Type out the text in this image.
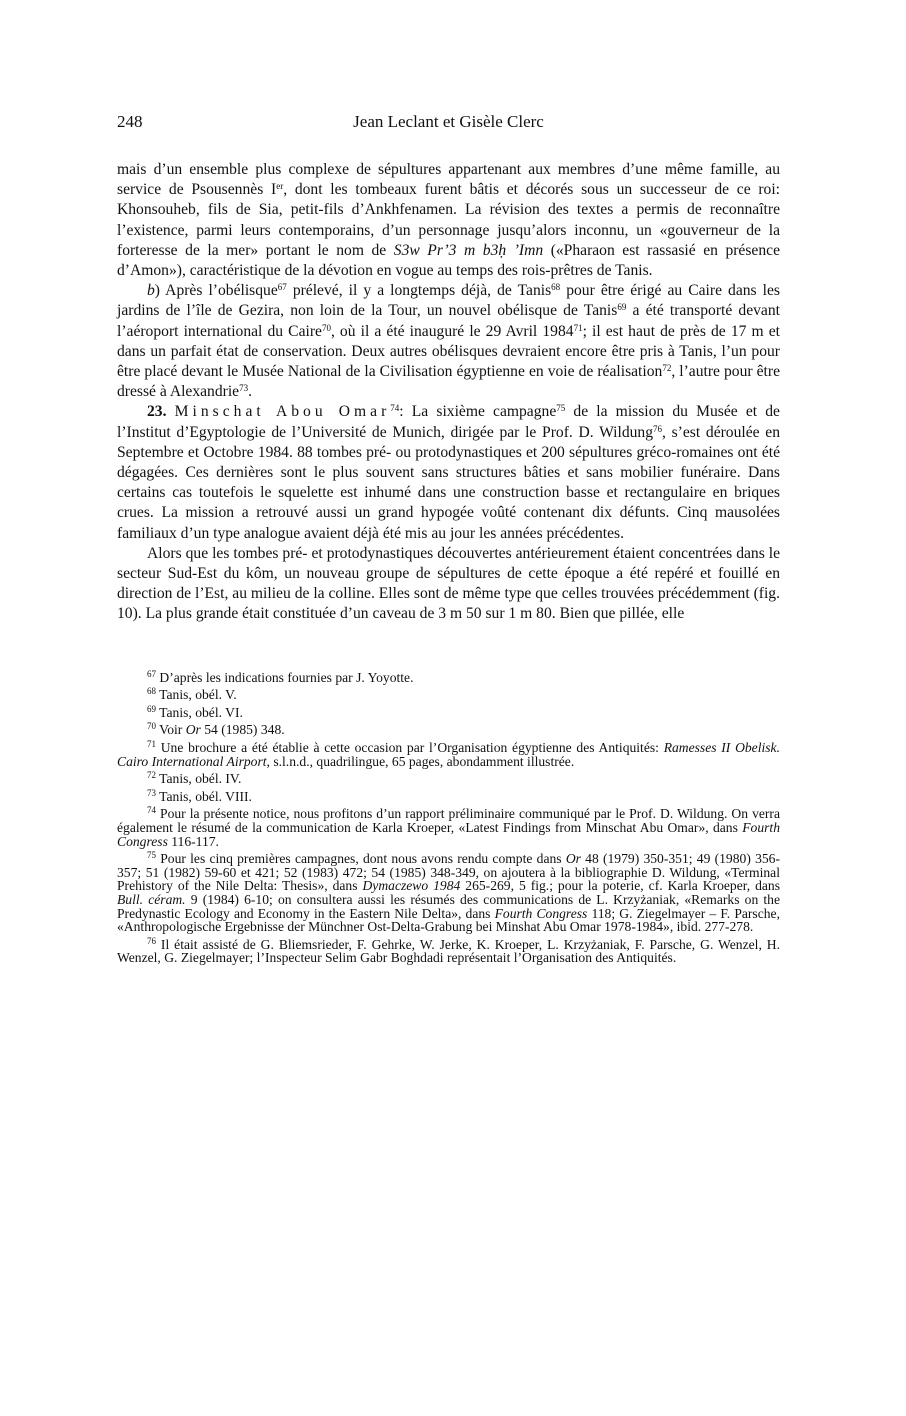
248	Jean Leclant et Gisèle Clerc

mais d’un ensemble plus complexe de sépultures appartenant aux membres d’une même famille, au service de Psousennès Ier, dont les tombeaux furent bâtis et décorés sous un successeur de ce roi: Khonsouheb, fils de Sia, petit-fils d’Ankhfenamen. La révision des textes a permis de reconnaître l’existence, parmi leurs contemporains, d’un personnage jusqu’alors inconnu, un «gouverneur de la forteresse de la mer» portant le nom de S3w Pr’3 m b3ḥ ’Imn («Pharaon est rassasié en présence d’Amon»), caractéristique de la dévotion en vogue au temps des rois-prêtres de Tanis.

b) Après l’obélisque$^{67}$ prélevé, il y a longtemps déjà, de Tanis$^{68}$ pour être érigé au Caire dans les jardins de l’île de Gezira, non loin de la Tour, un nouvel obélisque de Tanis$^{69}$ a été transporté devant l’aéroport international du Caire$^{70}$, où il a été inauguré le 29 Avril 1984$^{71}$; il est haut de près de 17 m et dans un parfait état de conservation. Deux autres obélisques devraient encore être pris à Tanis, l’un pour être placé devant le Musée National de la Civilisation égyptienne en voie de réalisation$^{72}$, l’autre pour être dressé à Alexandrie$^{73}$.

23. Minschat Abou Omar$^{74}$: La sixième campagne$^{75}$ de la mission du Musée et de l’Institut d’Egyptologie de l’Université de Munich, dirigée par le Prof. D. Wildung$^{76}$, s’est déroulée en Septembre et Octobre 1984. 88 tombes pré- ou protodynastiques et 200 sépultures gréco-romaines ont été dégagées. Ces dernières sont le plus souvent sans structures bâties et sans mobilier funéraire. Dans certains cas toutefois le squelette est inhumé dans une construction basse et rectangulaire en briques crues. La mission a retrouvé aussi un grand hypogée voûté contenant dix défunts. Cinq mausolées familiaux d’un type analogue avaient déjà été mis au jour les années précédentes.

Alors que les tombes pré- et protodynastiques découvertes antérieurement étaient concentrées dans le secteur Sud-Est du kôm, un nouveau groupe de sépultures de cette époque a été repéré et fouillé en direction de l’Est, au milieu de la colline. Elles sont de même type que celles trouvées précédemment (fig. 10). La plus grande était constituée d’un caveau de 3 m 50 sur 1 m 80. Bien que pillée, elle

$^{67}$ D’après les indications fournies par J. Yoyotte.

$^{68}$ Tanis, obél. V.

$^{69}$ Tanis, obél. VI.

$^{70}$ Voir Or 54 (1985) 348.

$^{71}$ Une brochure a été établie à cette occasion par l’Organisation égyptienne des Antiquités: Ramesses II Obelisk. Cairo International Airport, s.l.n.d., quadrilingue, 65 pages, abondamment illustrée.

$^{72}$ Tanis, obél. IV.

$^{73}$ Tanis, obél. VIII.

$^{74}$ Pour la présente notice, nous profitons d’un rapport préliminaire communiqué par le Prof. D. Wildung. On verra également le résumé de la communication de Karla Kroeper, «Latest Findings from Minschat Abu Omar», dans Fourth Congress 116-117.

$^{75}$ Pour les cinq premières campagnes, dont nous avons rendu compte dans Or 48 (1979) 350-351; 49 (1980) 356-357; 51 (1982) 59-60 et 421; 52 (1983) 472; 54 (1985) 348-349, on ajoutera à la bibliographie D. Wildung, «Terminal Prehistory of the Nile Delta: Thesis», dans Dymaczewo 1984 265-269, 5 fig.; pour la poterie, cf. Karla Kroeper, dans Bull. céram. 9 (1984) 6-10; on consultera aussi les résumés des communications de L. Krzyżaniak, «Remarks on the Predynastic Ecology and Economy in the Eastern Nile Delta», dans Fourth Congress 118; G. Ziegelmayer – F. Parsche, «Anthropologische Ergebnisse der Münchner Ost-Delta-Grabung bei Minshat Abu Omar 1978-1984», ibid. 277-278.

$^{76}$ Il était assisté de G. Bliemsrieder, F. Gehrke, W. Jerke, K. Kroeper, L. Krzyżaniak, F. Parsche, G. Wenzel, H. Wenzel, G. Ziegelmayer; l’Inspecteur Selim Gabr Boghdadi représentait l’Organisation des Antiquités.
